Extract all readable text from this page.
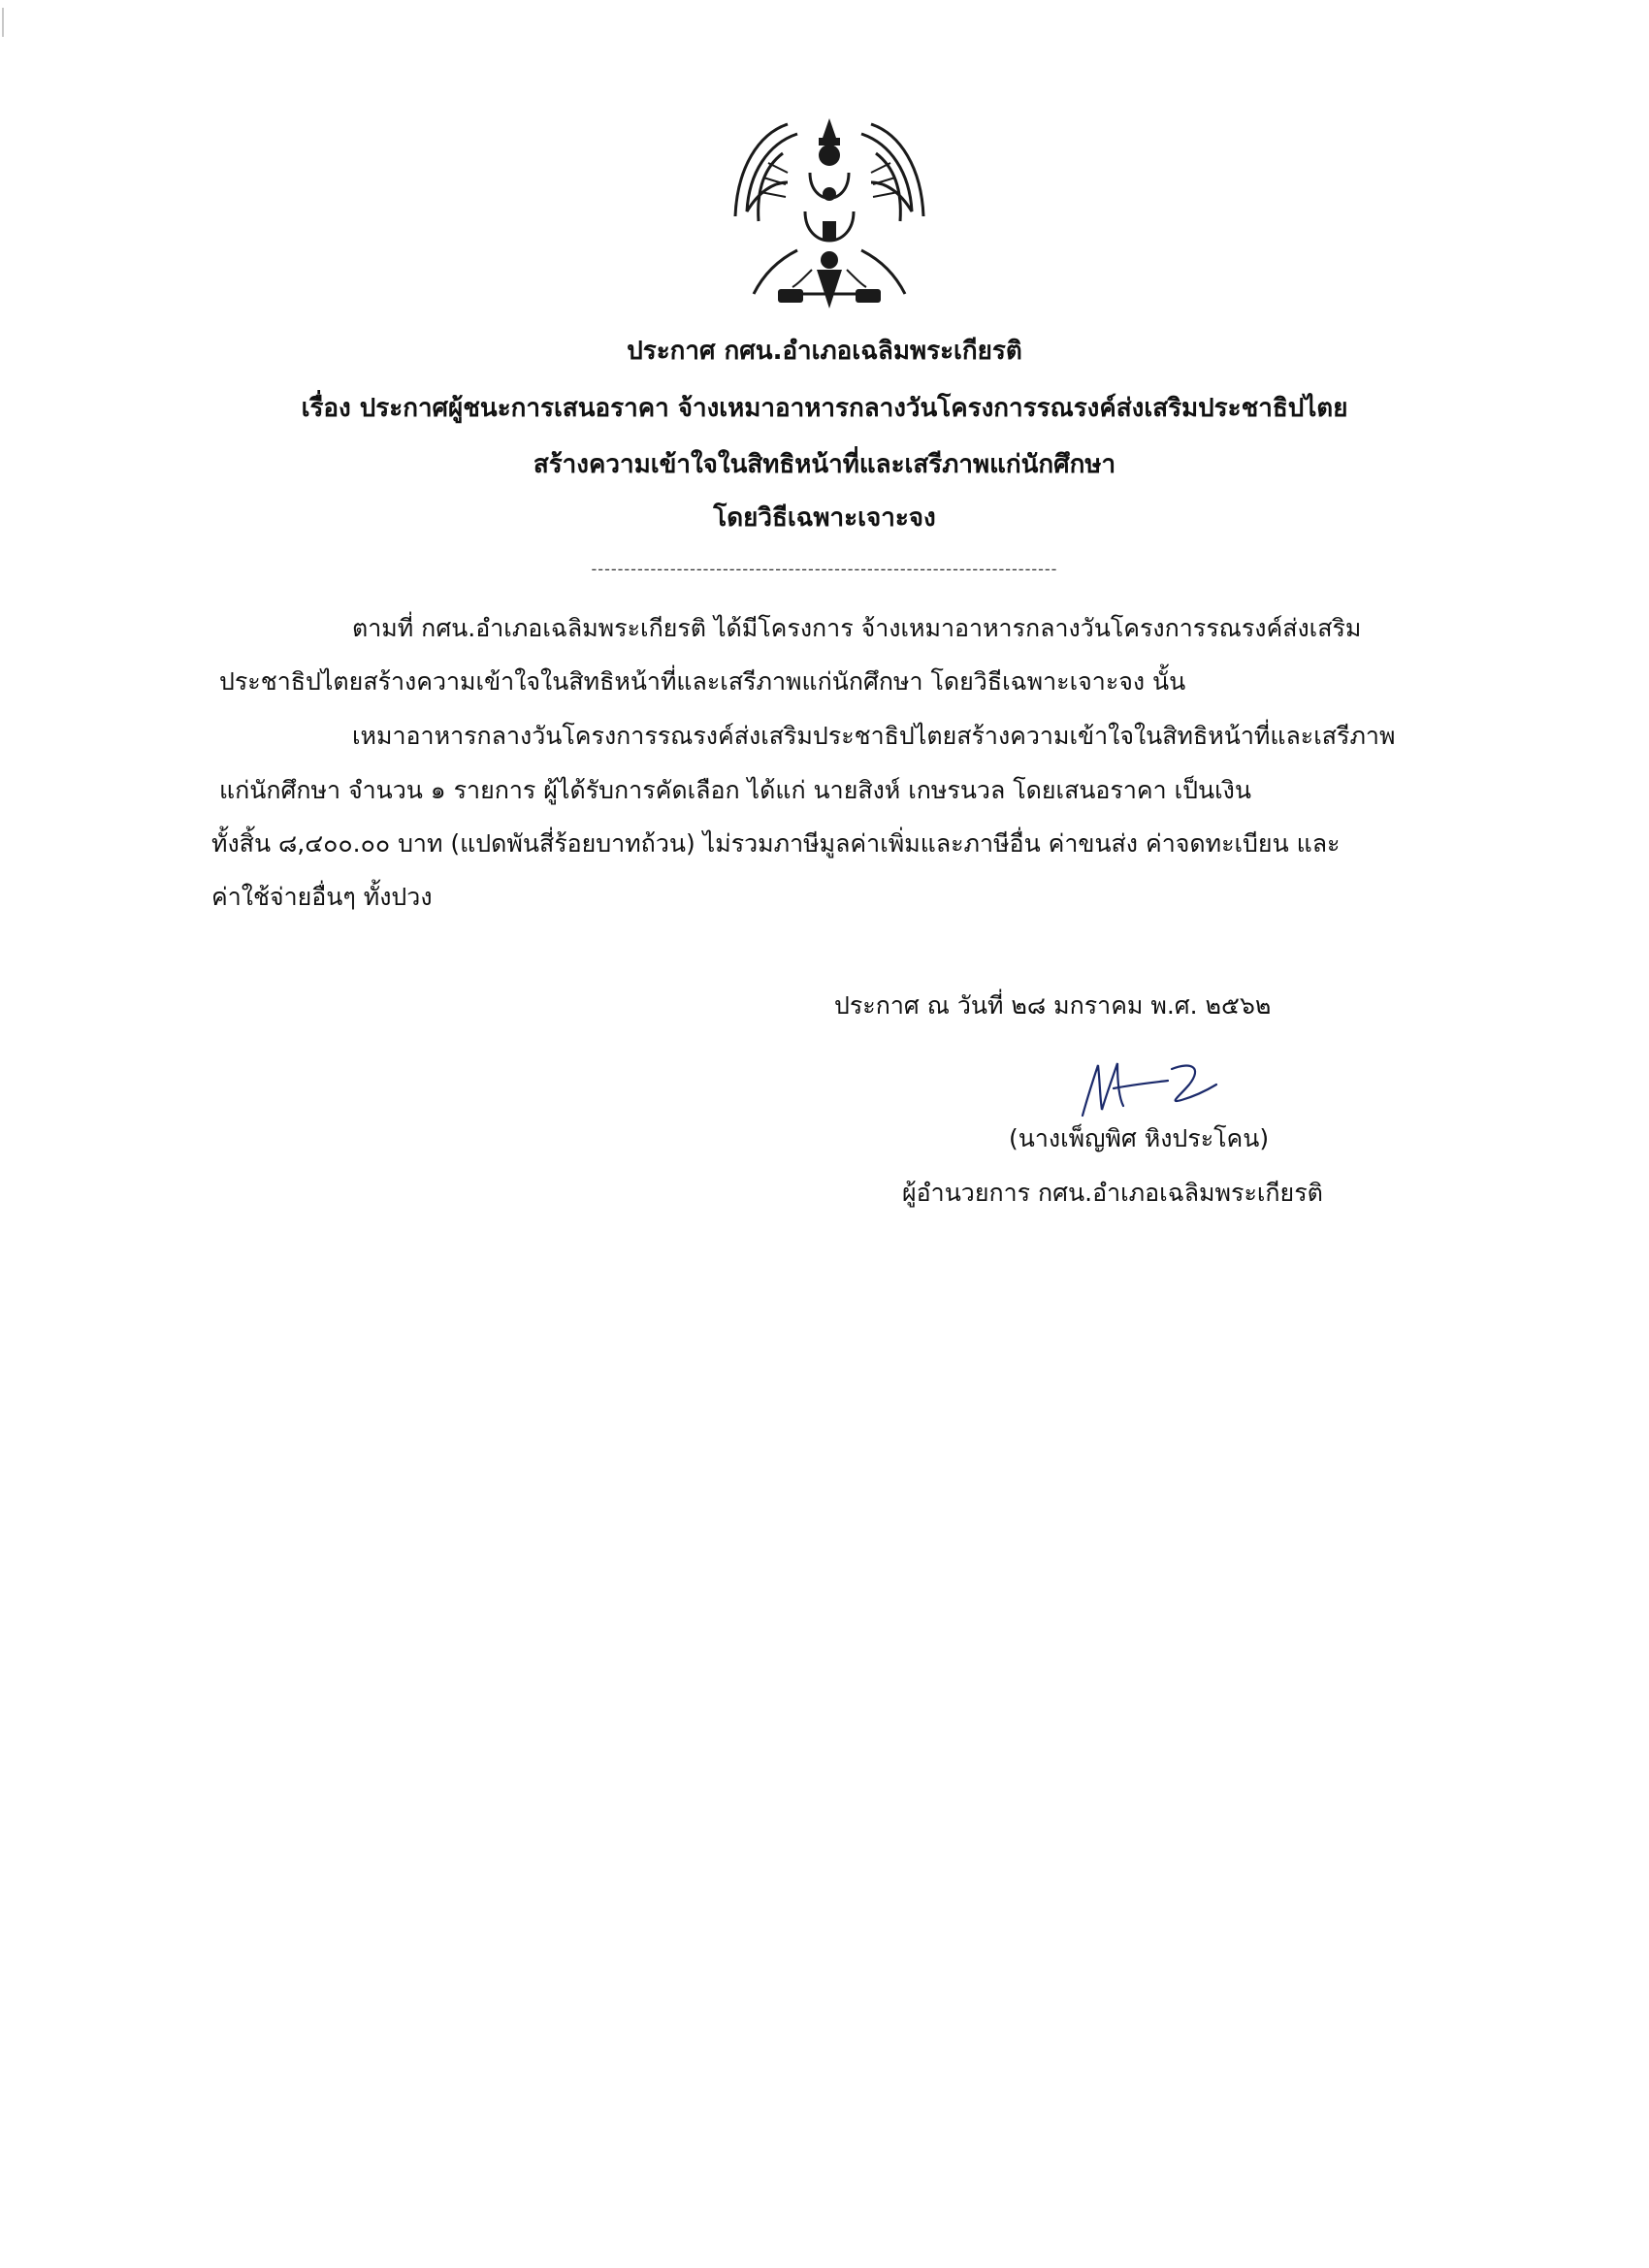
ประกาศ กศน.อำเภอเฉลิมพระเกียรติ
เรื่อง ประกาศผู้ชนะการเสนอราคา จ้างเหมาอาหารกลางวันโครงการรณรงค์ส่งเสริมประชาธิปไตย
สร้างความเข้าใจในสิทธิหน้าที่และเสรีภาพแก่นักศึกษา
โดยวิธีเฉพาะเจาะจง
-----------------------------------------------------------------------
ตามที่ กศน.อำเภอเฉลิมพระเกียรติ ได้มีโครงการ จ้างเหมาอาหารกลางวันโครงการรณรงค์ส่งเสริม
ประชาธิปไตยสร้างความเข้าใจในสิทธิหน้าที่และเสรีภาพแก่นักศึกษา โดยวิธีเฉพาะเจาะจง นั้น
เหมาอาหารกลางวันโครงการรณรงค์ส่งเสริมประชาธิปไตยสร้างความเข้าใจในสิทธิหน้าที่และเสรีภาพ
แก่นักศึกษา จำนวน ๑ รายการ ผู้ได้รับการคัดเลือก ได้แก่ นายสิงห์ เกษรนวล โดยเสนอราคา เป็นเงิน
ทั้งสิ้น ๘,๔๐๐.๐๐ บาท (แปดพันสี่ร้อยบาทถ้วน) ไม่รวมภาษีมูลค่าเพิ่มและภาษีอื่น ค่าขนส่ง ค่าจดทะเบียน และ
ค่าใช้จ่ายอื่นๆ ทั้งปวง
ประกาศ ณ วันที่ ๒๘ มกราคม พ.ศ. ๒๕๖๒
(นางเพ็ญพิศ หิงประโคน)
ผู้อำนวยการ กศน.อำเภอเฉลิมพระเกียรติ
